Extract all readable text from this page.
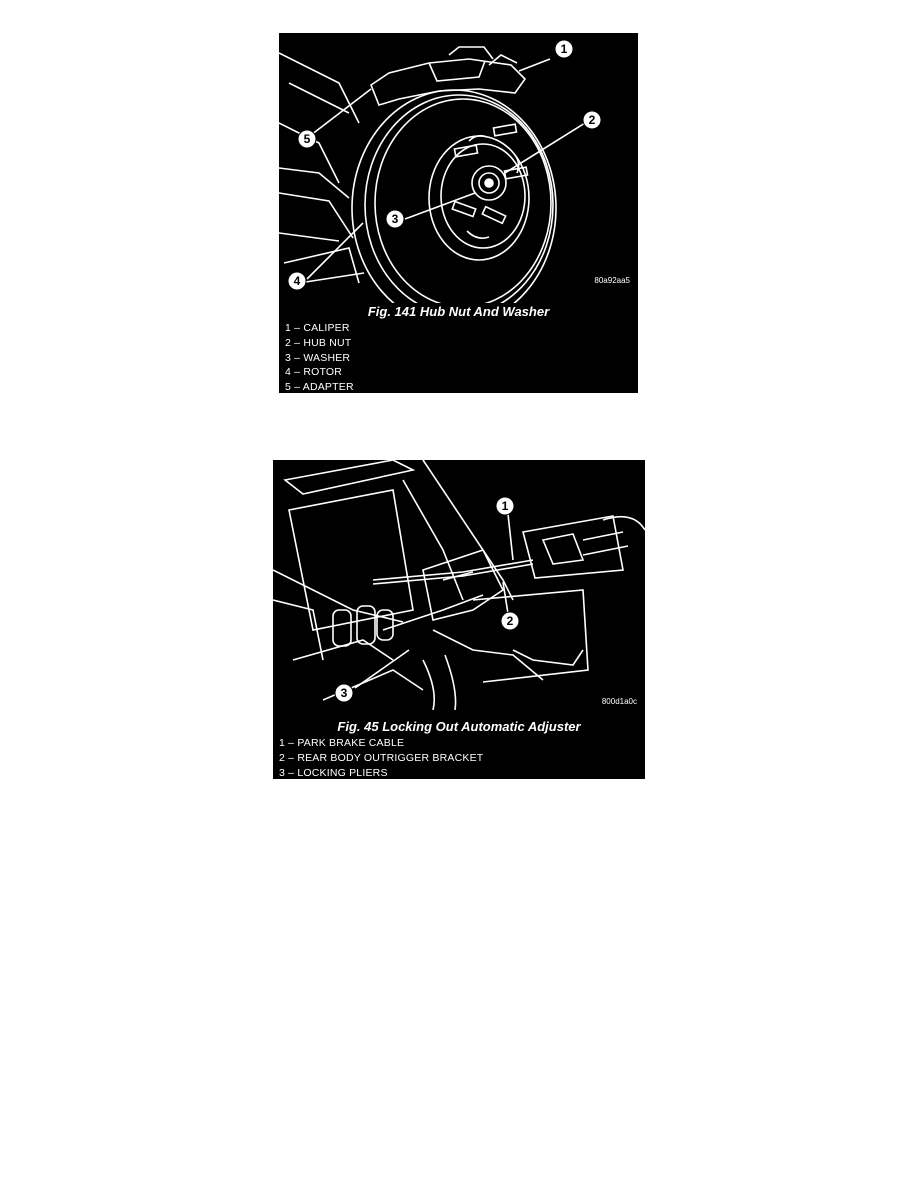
1
2
3
4
5
80a92aa5
Fig. 141 Hub Nut And Washer
1 – CALIPER
2 – HUB NUT
3 – WASHER
4 – ROTOR
5 – ADAPTER
1
2
3
800d1a0c
Fig. 45 Locking Out Automatic Adjuster
1 – PARK BRAKE CABLE
2 – REAR BODY OUTRIGGER BRACKET
3 – LOCKING PLIERS
